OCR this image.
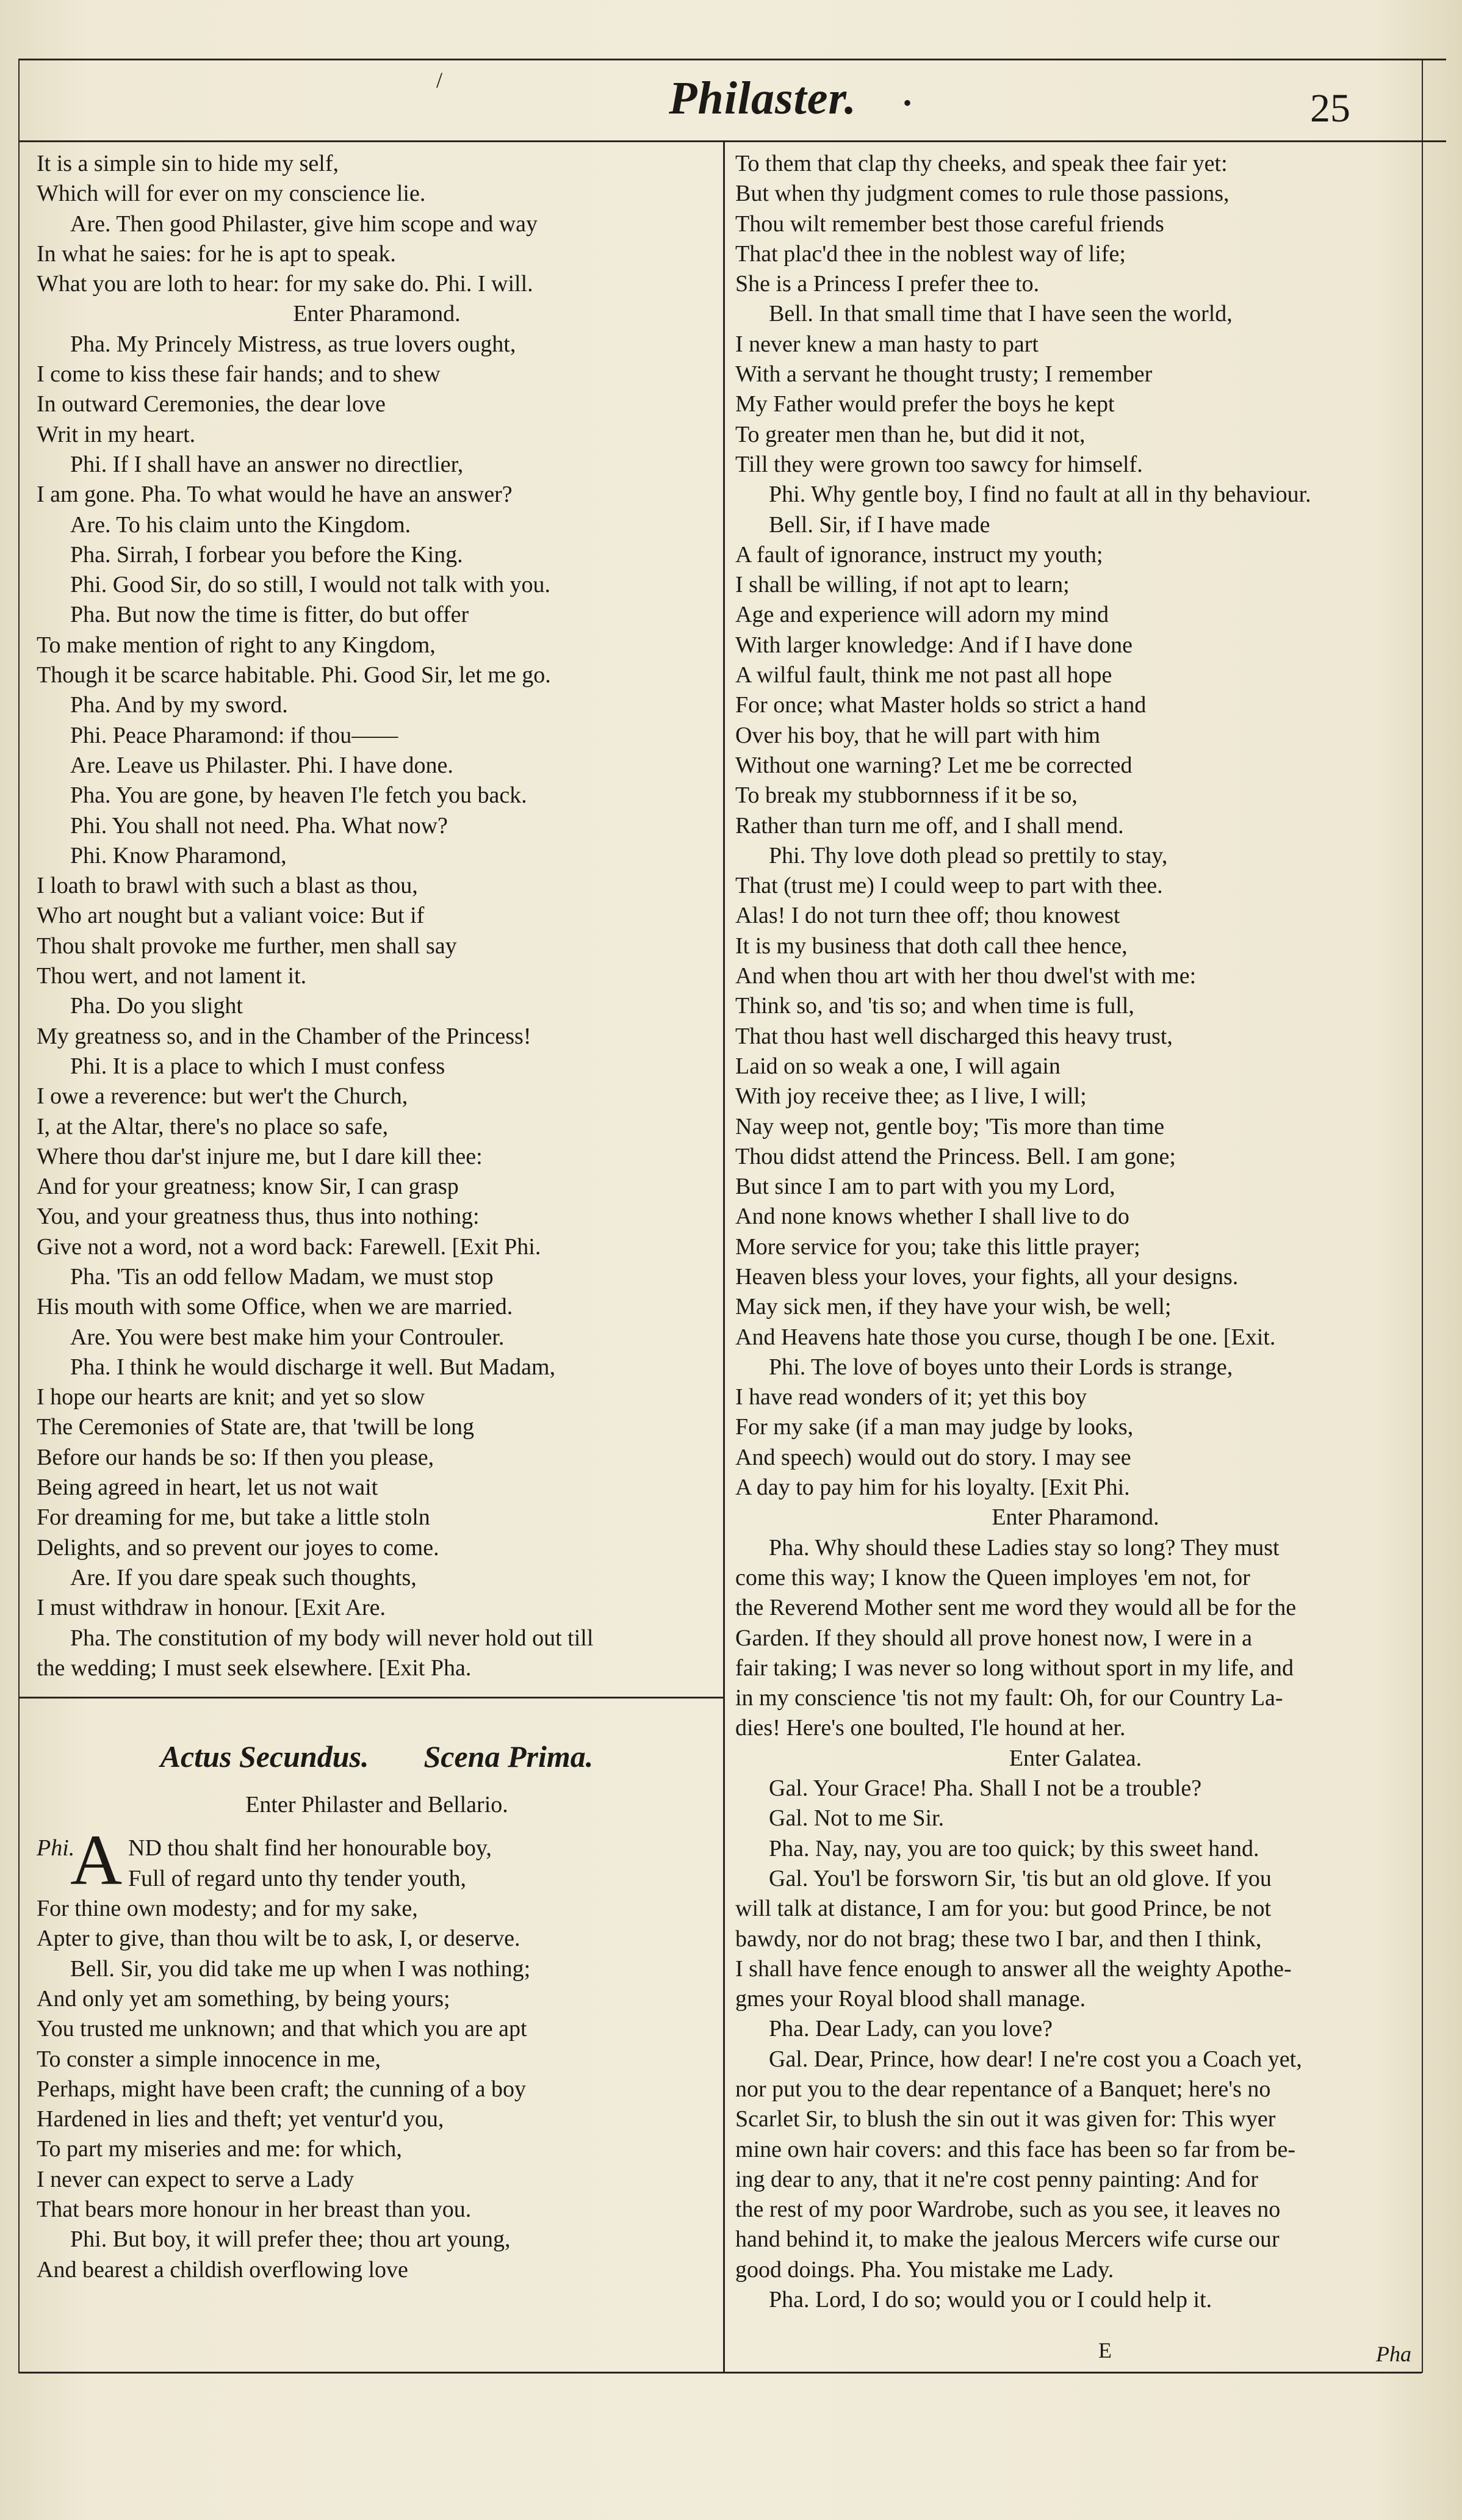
/	Philaster.	•	25
It is a simple sin to hide my self,
Which will for ever on my conscience lie.
Are. Then good Philaster, give him scope and way
In what he saies: for he is apt to speak.
What you are loth to hear: for my sake do. Phi. I will.
Enter Pharamond.
Pha. My Princely Mistress, as true lovers ought,
I come to kiss these fair hands; and to shew
In outward Ceremonies, the dear love
Writ in my heart.
Phi. If I shall have an answer no directlier,
I am gone. Pha. To what would he have an answer?
Are. To his claim unto the Kingdom.
Pha. Sirrah, I forbear you before the King.
Phi. Good Sir, do so still, I would not talk with you.
Pha. But now the time is fitter, do but offer
To make mention of right to any Kingdom,
Though it be scarce habitable. Phi. Good Sir, let me go.
Pha. And by my sword.
Phi. Peace Pharamond: if thou——
Are. Leave us Philaster. Phi. I have done.
Pha. You are gone, by heaven I'le fetch you back.
Phi. You shall not need. Pha. What now?
Phi. Know Pharamond,
I loath to brawl with such a blast as thou,
Who art nought but a valiant voice: But if
Thou shalt provoke me further, men shall say
Thou wert, and not lament it.
Pha. Do you slight
My greatness so, and in the Chamber of the Princess!
Phi. It is a place to which I must confess
I owe a reverence: but wer't the Church,
I, at the Altar, there's no place so safe,
Where thou dar'st injure me, but I dare kill thee:
And for your greatness; know Sir, I can grasp
You, and your greatness thus, thus into nothing:
Give not a word, not a word back: Farewell. [Exit Phi.
Pha. 'Tis an odd fellow Madam, we must stop
His mouth with some Office, when we are married.
Are. You were best make him your Controuler.
Pha. I think he would discharge it well. But Madam,
I hope our hearts are knit; and yet so slow
The Ceremonies of State are, that 'twill be long
Before our hands be so: If then you please,
Being agreed in heart, let us not wait
For dreaming for me, but take a little stoln
Delights, and so prevent our joyes to come.
Are. If you dare speak such thoughts,
I must withdraw in honour. [Exit Are.
Pha. The constitution of my body will never hold out till
the wedding; I must seek elsewhere. [Exit Pha.
Actus Secundus. Scena Prima.
Enter Philaster and Bellario.
Phi.
A ND thou shalt find her honourable boy,
Full of regard unto thy tender youth,
For thine own modesty; and for my sake,
Apter to give, than thou wilt be to ask, I, or deserve.
Bell. Sir, you did take me up when I was nothing;
And only yet am something, by being yours;
You trusted me unknown; and that which you are apt
To conster a simple innocence in me,
Perhaps, might have been craft; the cunning of a boy
Hardened in lies and theft; yet ventur'd you,
To part my miseries and me: for which,
I never can expect to serve a Lady
That bears more honour in her breast than you.
Phi. But boy, it will prefer thee; thou art young,
And bearest a childish overflowing love
To them that clap thy cheeks, and speak thee fair yet:
But when thy judgment comes to rule those passions,
Thou wilt remember best those careful friends
That plac'd thee in the noblest way of life;
She is a Princess I prefer thee to.
Bell. In that small time that I have seen the world,
I never knew a man hasty to part
With a servant he thought trusty; I remember
My Father would prefer the boys he kept
To greater men than he, but did it not,
Till they were grown too sawcy for himself.
Phi. Why gentle boy, I find no fault at all in thy behaviour.
Bell. Sir, if I have made
A fault of ignorance, instruct my youth;
I shall be willing, if not apt to learn;
Age and experience will adorn my mind
With larger knowledge: And if I have done
A wilful fault, think me not past all hope
For once; what Master holds so strict a hand
Over his boy, that he will part with him
Without one warning? Let me be corrected
To break my stubbornness if it be so,
Rather than turn me off, and I shall mend.
Phi. Thy love doth plead so prettily to stay,
That (trust me) I could weep to part with thee.
Alas! I do not turn thee off; thou knowest
It is my business that doth call thee hence,
And when thou art with her thou dwel'st with me:
Think so, and 'tis so; and when time is full,
That thou hast well discharged this heavy trust,
Laid on so weak a one, I will again
With joy receive thee; as I live, I will;
Nay weep not, gentle boy; 'Tis more than time
Thou didst attend the Princess. Bell. I am gone;
But since I am to part with you my Lord,
And none knows whether I shall live to do
More service for you; take this little prayer;
Heaven bless your loves, your fights, all your designs.
May sick men, if they have your wish, be well;
And Heavens hate those you curse, though I be one. [Exit.
Phi. The love of boyes unto their Lords is strange,
I have read wonders of it; yet this boy
For my sake (if a man may judge by looks,
And speech) would out do story. I may see
A day to pay him for his loyalty. [Exit Phi.
Enter Pharamond.
Pha. Why should these Ladies stay so long? They must
come this way; I know the Queen imployes 'em not, for
the Reverend Mother sent me word they would all be for the
Garden. If they should all prove honest now, I were in a
fair taking; I was never so long without sport in my life, and
in my conscience 'tis not my fault: Oh, for our Country La-
dies! Here's one boulted, I'le hound at her.
Enter Galatea.
Gal. Your Grace! Pha. Shall I not be a trouble?
Gal. Not to me Sir.
Pha. Nay, nay, you are too quick; by this sweet hand.
Gal. You'l be forsworn Sir, 'tis but an old glove. If you
will talk at distance, I am for you: but good Prince, be not
bawdy, nor do not brag; these two I bar, and then I think,
I shall have fence enough to answer all the weighty Apothe-
gmes your Royal blood shall manage.
Pha. Dear Lady, can you love?
Gal. Dear, Prince, how dear! I ne're cost you a Coach yet,
nor put you to the dear repentance of a Banquet; here's no
Scarlet Sir, to blush the sin out it was given for: This wyer
mine own hair covers: and this face has been so far from be-
ing dear to any, that it ne're cost penny painting: And for
the rest of my poor Wardrobe, such as you see, it leaves no
hand behind it, to make the jealous Mercers wife curse our
good doings. Pha. You mistake me Lady.
Pha. Lord, I do so; would you or I could help it.
E	Pha
